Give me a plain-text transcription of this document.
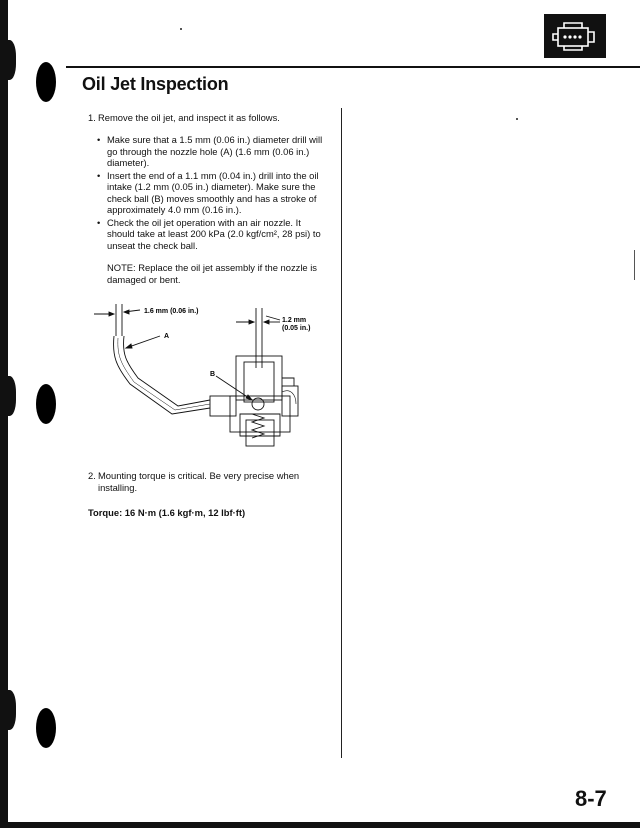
Oil Jet Inspection
1. Remove the oil jet, and inspect it as follows.
• Make sure that a 1.5 mm (0.06 in.) diameter drill will go through the nozzle hole (A) (1.6 mm (0.06 in.) diameter).
• Insert the end of a 1.1 mm (0.04 in.) drill into the oil intake (1.2 mm (0.05 in.) diameter). Make sure the check ball (B) moves smoothly and has a stroke of approximately 4.0 mm (0.16 in.).
• Check the oil jet operation with an air nozzle. It should take at least 200 kPa (2.0 kgf/cm², 28 psi) to unseat the check ball.
NOTE: Replace the oil jet assembly if the nozzle is damaged or bent.
1.6 mm (0.06 in.)
1.2 mm
(0.05 in.)
A
B
2. Mounting torque is critical. Be very precise when installing.
Torque: 16 N·m (1.6 kgf·m, 12 lbf·ft)
8-7
